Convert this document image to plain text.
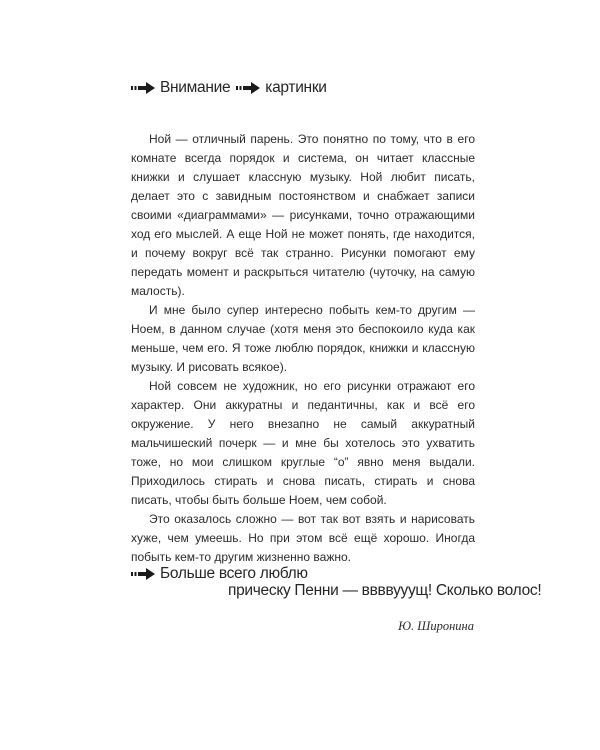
Внимание картинки

Ной — отличный парень. Это понятно по тому, что в его комнате всегда порядок и система, он читает классные книжки и слушает классную музыку. Ной любит писать, делает это с завидным постоянством и снабжает записи своими «диаграммами» — рисунками, точно отражающими ход его мыслей. А еще Ной не может понять, где находится, и почему вокруг всё так странно. Рисунки помогают ему передать момент и раскрыться читателю (чуточку, на самую малость).

И мне было супер интересно побыть кем-то другим — Ноем, в данном случае (хотя меня это беспокоило куда как меньше, чем его. Я тоже люблю порядок, книжки и классную музыку. И рисовать всякое).

Ной совсем не художник, но его рисунки отражают его характер. Они аккуратны и педантичны, как и всё его окружение. У него внезапно не самый аккуратный мальчишеский почерк — и мне бы хотелось это ухватить тоже, но мои слишком круглые “о” явно меня выдали. Приходилось стирать и снова писать, стирать и снова писать, чтобы быть больше Ноем, чем собой.

Это оказалось сложно — вот так вот взять и нарисовать хуже, чем умеешь. Но при этом всё ещё хорошо. Иногда побыть кем-то другим жизненно важно.

Больше всего люблю
прическу Пенни — ввввууущ! Сколько волос!
Ю. Широнина
